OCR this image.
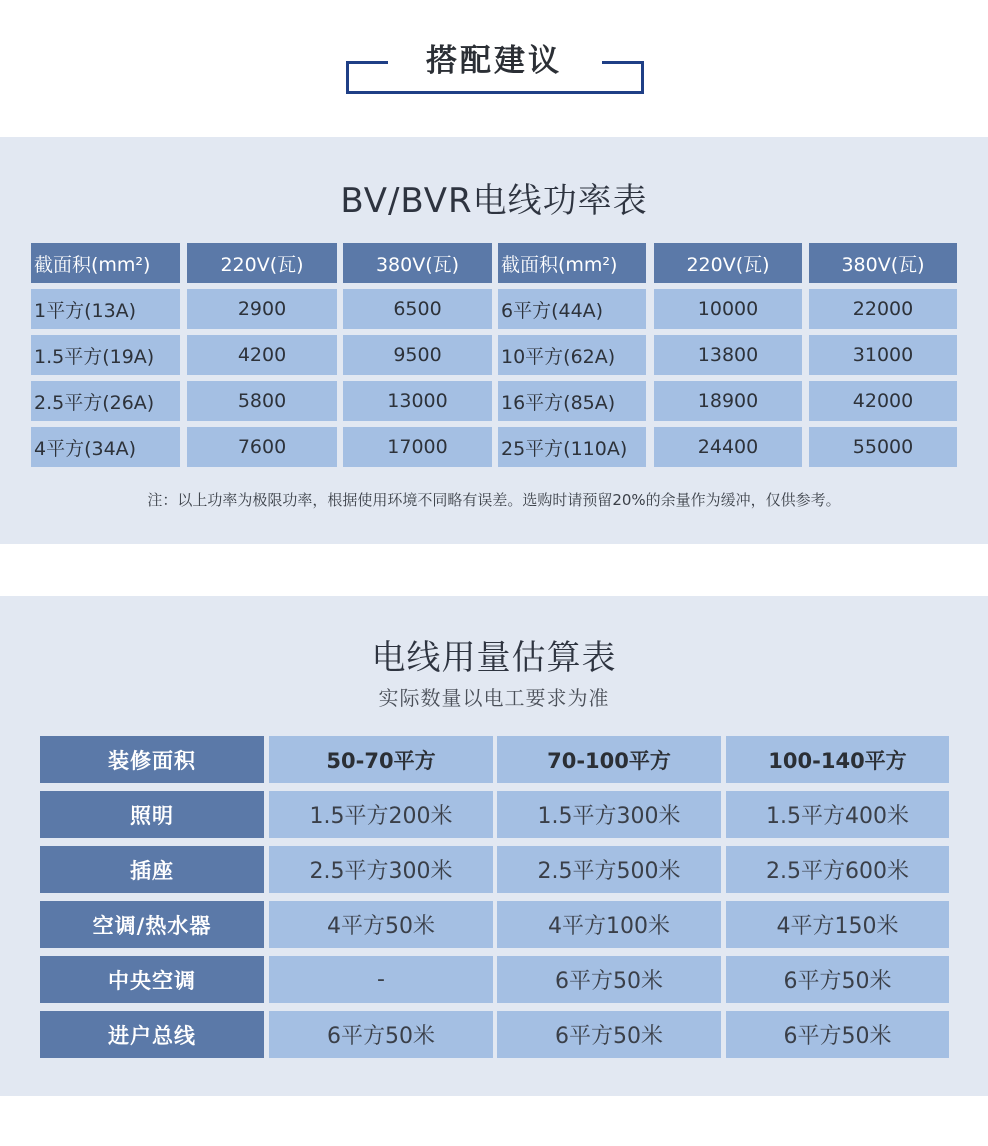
搭配建议
BV/BVR电线功率表
截面积(mm²)	220V(瓦)	380V(瓦)	截面积(mm²)	220V(瓦)	380V(瓦)
1平方(13A)	2900	6500	6平方(44A)	10000	22000
1.5平方(19A)	4200	9500	10平方(62A)	13800	31000
2.5平方(26A)	5800	13000	16平方(85A)	18900	42000
4平方(34A)	7600	17000	25平方(110A)	24400	55000
注：以上功率为极限功率，根据使用环境不同略有误差。选购时请预留20%的余量作为缓冲，仅供参考。
电线用量估算表
实际数量以电工要求为准
装修面积	50-70平方	70-100平方	100-140平方
照明	1.5平方200米	1.5平方300米	1.5平方400米
插座	2.5平方300米	2.5平方500米	2.5平方600米
空调/热水器	4平方50米	4平方100米	4平方150米
中央空调	-	6平方50米	6平方50米
进户总线	6平方50米	6平方50米	6平方50米
